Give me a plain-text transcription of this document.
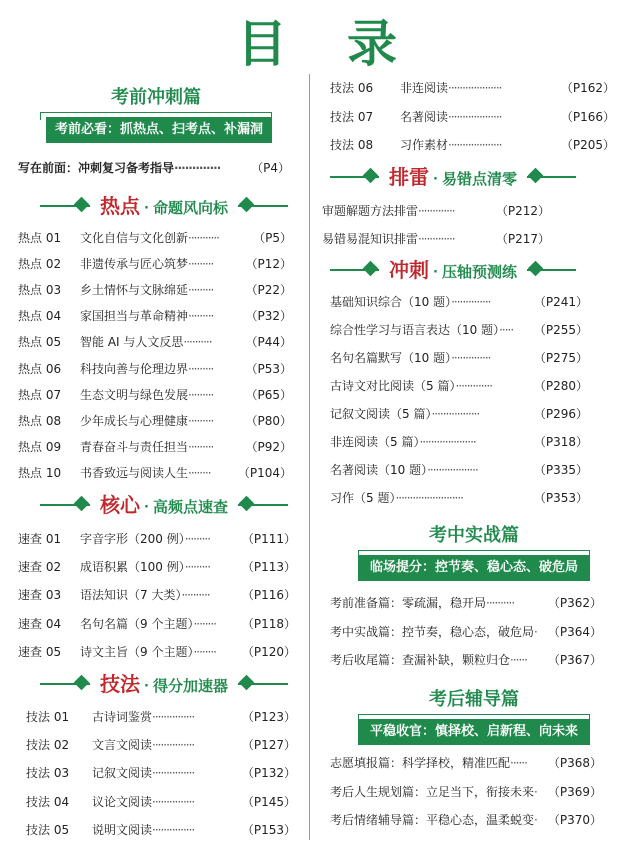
目 录
考前冲刺篇
考前必看：抓热点、扫考点、补漏洞
写在前面：冲刺复习备考指导·············	（P4）
热点 · 命题风向标
热点 01 文化自信与文化创新···········	（P5）
热点 02 非遗传承与匠心筑梦·········	（P12）
热点 03 乡土情怀与文脉绵延·········	（P22）
热点 04 家国担当与革命精神·········	（P32）
热点 05 智能 AI 与人文反思··········	（P44）
热点 06 科技向善与伦理边界·········	（P53）
热点 07 生态文明与绿色发展·········	（P65）
热点 08 少年成长与心理健康·········	（P80）
热点 09 青春奋斗与责任担当·········	（P92）
热点 10 书香致远与阅读人生········ （P104）
核心 · 高频点速查
速查 01 字音字形（200 例）·········	（P111）
速查 02 成语积累（100 例）·········	（P113）
速查 03 语法知识（7 大类）··········	（P116）
速查 04 名句名篇（9 个主题）········ （P118）
速查 05 诗文主旨（9 个主题）········ （P120）
技法 · 得分加速器
技法 01 古诗词鉴赏···············	（P123）
技法 02 文言文阅读···············	（P127）
技法 03 记叙文阅读···············	（P132）
技法 04 议论文阅读···············	（P145）
技法 05 说明文阅读···············	（P153）
技法 06 非连阅读···················	（P162）
技法 07 名著阅读···················	（P166）
技法 08 习作素材···················	（P205）
排雷 · 易错点清零
审题解题方法排雷·············	（P212）
易错易混知识排雷·············	（P217）
冲刺 · 压轴预测练
基础知识综合（10 题）··············	（P241）
综合性学习与语言表达（10 题）····· （P255）
名句名篇默写（10 题）··············	（P275）
古诗文对比阅读（5 篇）·············	（P280）
记叙文阅读（5 篇）·················	（P296）
非连阅读（5 篇）····················	（P318）
名著阅读（10 题）··················	（P335）
习作（5 题）························	（P353）
考中实战篇
临场提分：控节奏、稳心态、破危局
考前准备篇：零疏漏，稳开局··········	（P362）
考中实战篇：控节奏，稳心态，破危局· （P364）
考后收尾篇：查漏补缺，颗粒归仓······ （P367）
考后辅导篇
平稳收官：慎择校、启新程、向未来
志愿填报篇：科学择校，精准匹配······ （P368）
考后人生规划篇：立足当下，衔接未来· （P369）
考后情绪辅导篇：平稳心态，温柔蜕变· （P370）
